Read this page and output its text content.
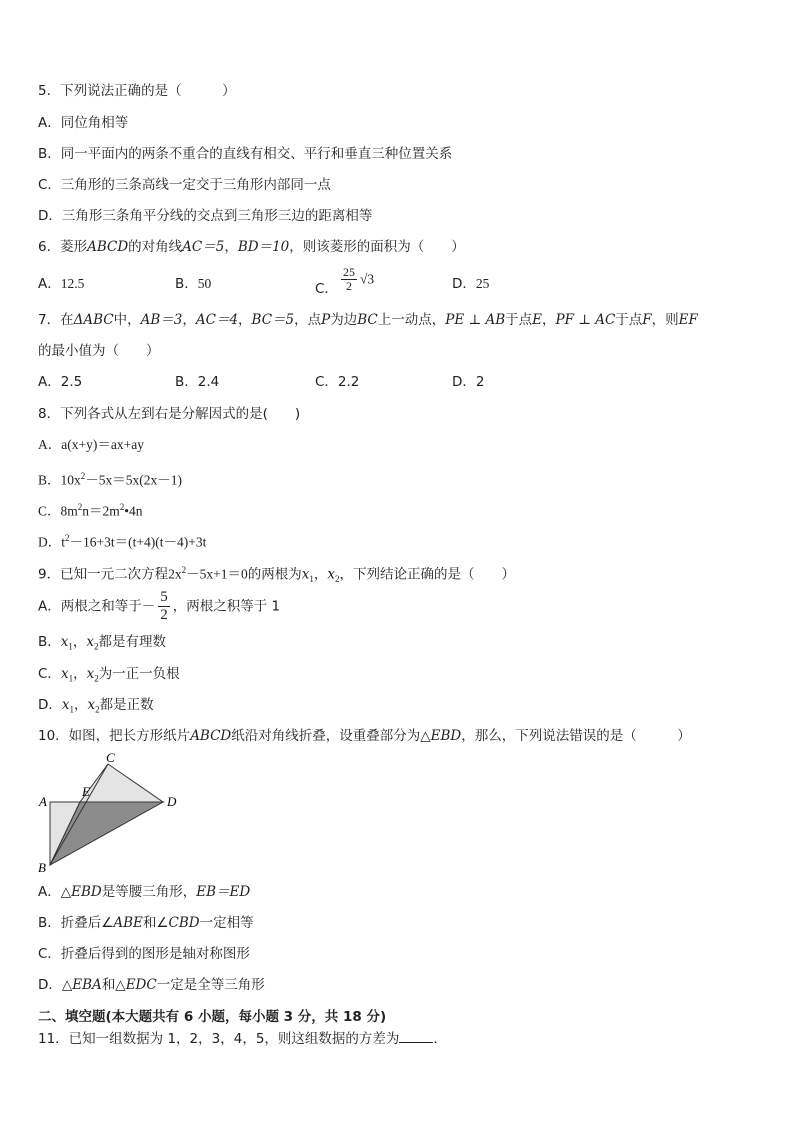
5．下列说法正确的是（　　　）
A．同位角相等
B．同一平面内的两条不重合的直线有相交、平行和垂直三种位置关系
C．三角形的三条高线一定交于三角形内部同一点
D．三角形三条角平分线的交点到三角形三边的距离相等
6．菱形ABCD的对角线AC＝5，BD＝10，则该菱形的面积为（　　）
A．12.5	B．50	C． $\frac{25}{2} √3$	D．25
7．在ΔABC中，AB＝3，AC＝4，BC＝5，点P为边BC上一动点，PE ⊥ AB于点E，PF ⊥ AC于点F，则EF
的最小值为（　　）
A．2.5	B．2.4	C．2.2	D．2
8．下列各式从左到右是分解因式的是(　　)
A．a(x+y)＝ax+ay
B．$10x^2-5x=5x(2x-1)$
C．$8m^2n=2m^2•4n$
D．$t^2-16+3t=(t+4)(t-4)+3t$
9．已知一元二次方程$2x^2-5x+1=0$的两根为$x_1$，$x_2$，下列结论正确的是（　　）
A．两根之和等于－ $\frac{5}{2}$ ，两根之积等于 1
B．$x_1$，$x_2$都是有理数
C．$x_1$，$x_2$为一正一负根
D．$x_1$，$x_2$都是正数
10．如图，把长方形纸片ABCD纸沿对角线折叠，设重叠部分为△EBD，那么，下列说法错误的是（　　　）
C
A
E
D
B
A．△EBD是等腰三角形，EB＝ED
B．折叠后∠ABE和∠CBD一定相等
C．折叠后得到的图形是轴对称图形
D．△EBA和△EDC一定是全等三角形
二、填空题(本大题共有 6 小题，每小题 3 分，共 18 分)
11．已知一组数据为 1，2，3，4，5，则这组数据的方差为	．
